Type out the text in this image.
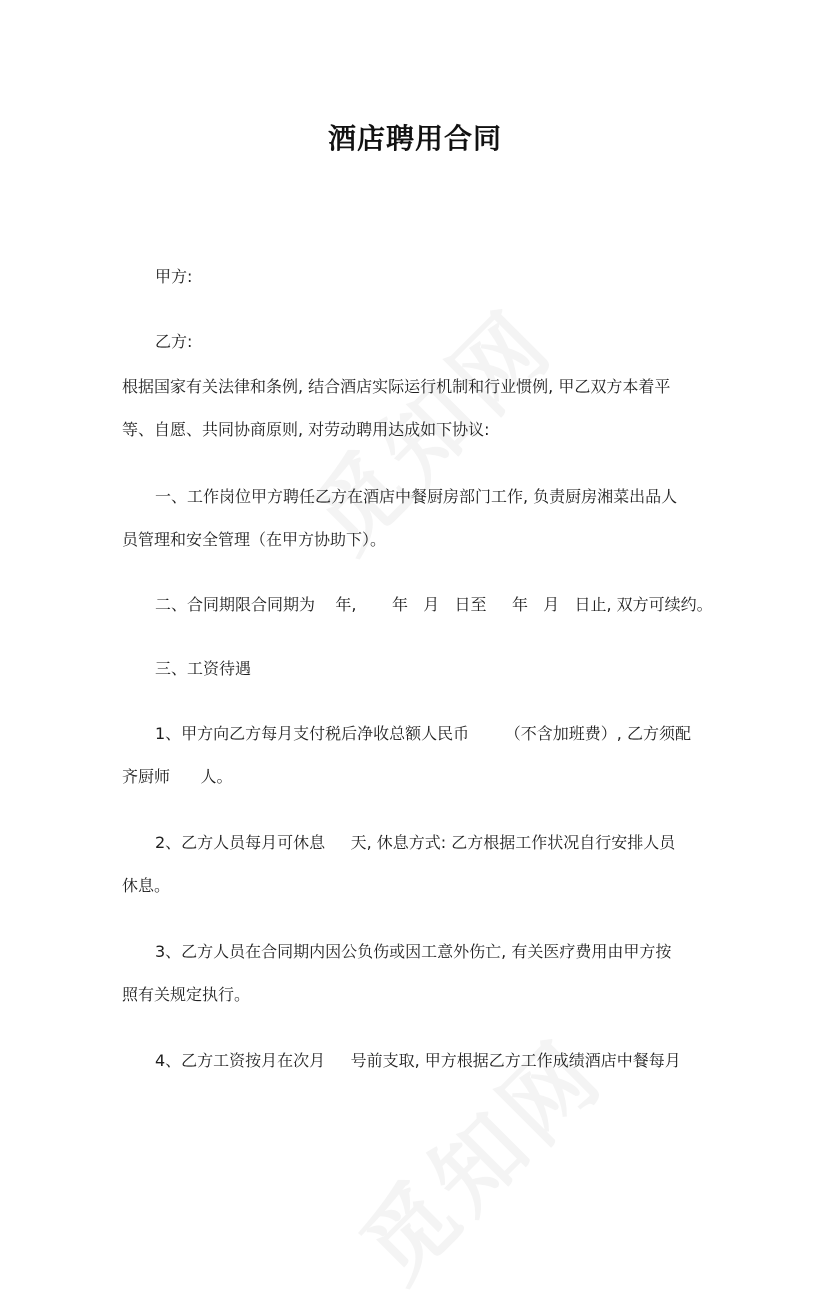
酒店聘用合同
甲方:
乙方:
根据国家有关法律和条例, 结合酒店实际运行机制和行业惯例, 甲乙双方本着平
等、自愿、共同协商原则, 对劳动聘用达成如下协议:
一、工作岗位甲方聘任乙方在酒店中餐厨房部门工作, 负责厨房湘菜出品人
员管理和安全管理（在甲方协助下）。
二、合同期限合同期为    年,       年   月   日至     年   月   日止, 双方可续约。
三、工资待遇
1、甲方向乙方每月支付税后净收总额人民币       （不含加班费）, 乙方须配
齐厨师      人。
2、乙方人员每月可休息     天, 休息方式: 乙方根据工作状况自行安排人员
休息。
3、乙方人员在合同期内因公负伤或因工意外伤亡, 有关医疗费用由甲方按
照有关规定执行。
4、乙方工资按月在次月     号前支取, 甲方根据乙方工作成绩酒店中餐每月
